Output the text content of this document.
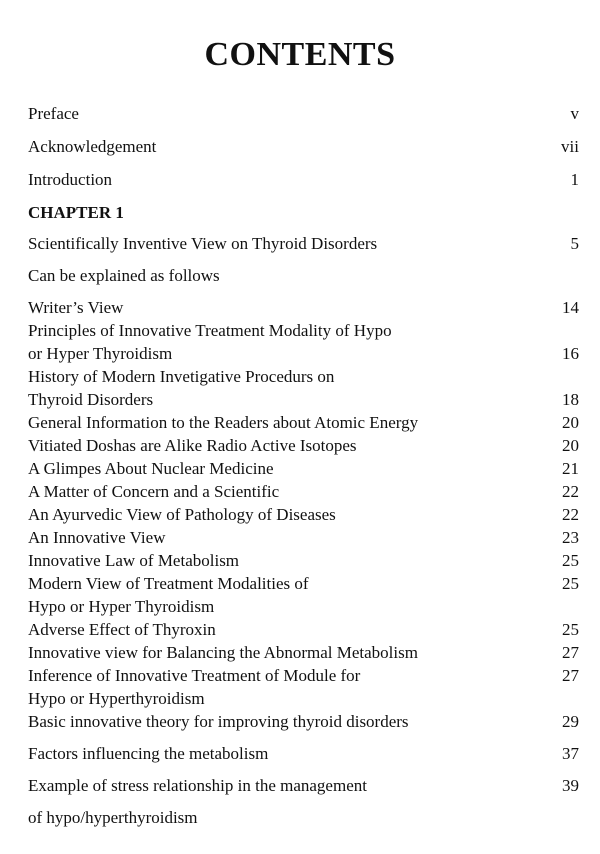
CONTENTS
Preface	v
Acknowledgement	vii
Introduction	1
CHAPTER 1
Scientifically Inventive View on Thyroid Disorders	5
Can be explained as follows
Writer’s View	14
Principles of Innovative Treatment Modality of Hypo
or Hyper Thyroidism	16
History of Modern Invetigative Procedurs on
Thyroid Disorders	18
General Information to the Readers about Atomic Energy	20
Vitiated Doshas are Alike Radio Active Isotopes	20
A Glimpes About Nuclear Medicine	21
A Matter of Concern and a Scientific	22
An Ayurvedic View of Pathology of Diseases	22
An Innovative View	23
Innovative Law of Metabolism	25
Modern View of Treatment Modalities of	25
Hypo or Hyper Thyroidism
Adverse Effect of Thyroxin	25
Innovative view for Balancing the Abnormal Metabolism	27
Inference of Innovative Treatment of Module for	27
Hypo or Hyperthyroidism
Basic innovative theory for improving thyroid disorders	29
Factors influencing the metabolism	37
Example of stress relationship in the management	39
of hypo/hyperthyroidism
